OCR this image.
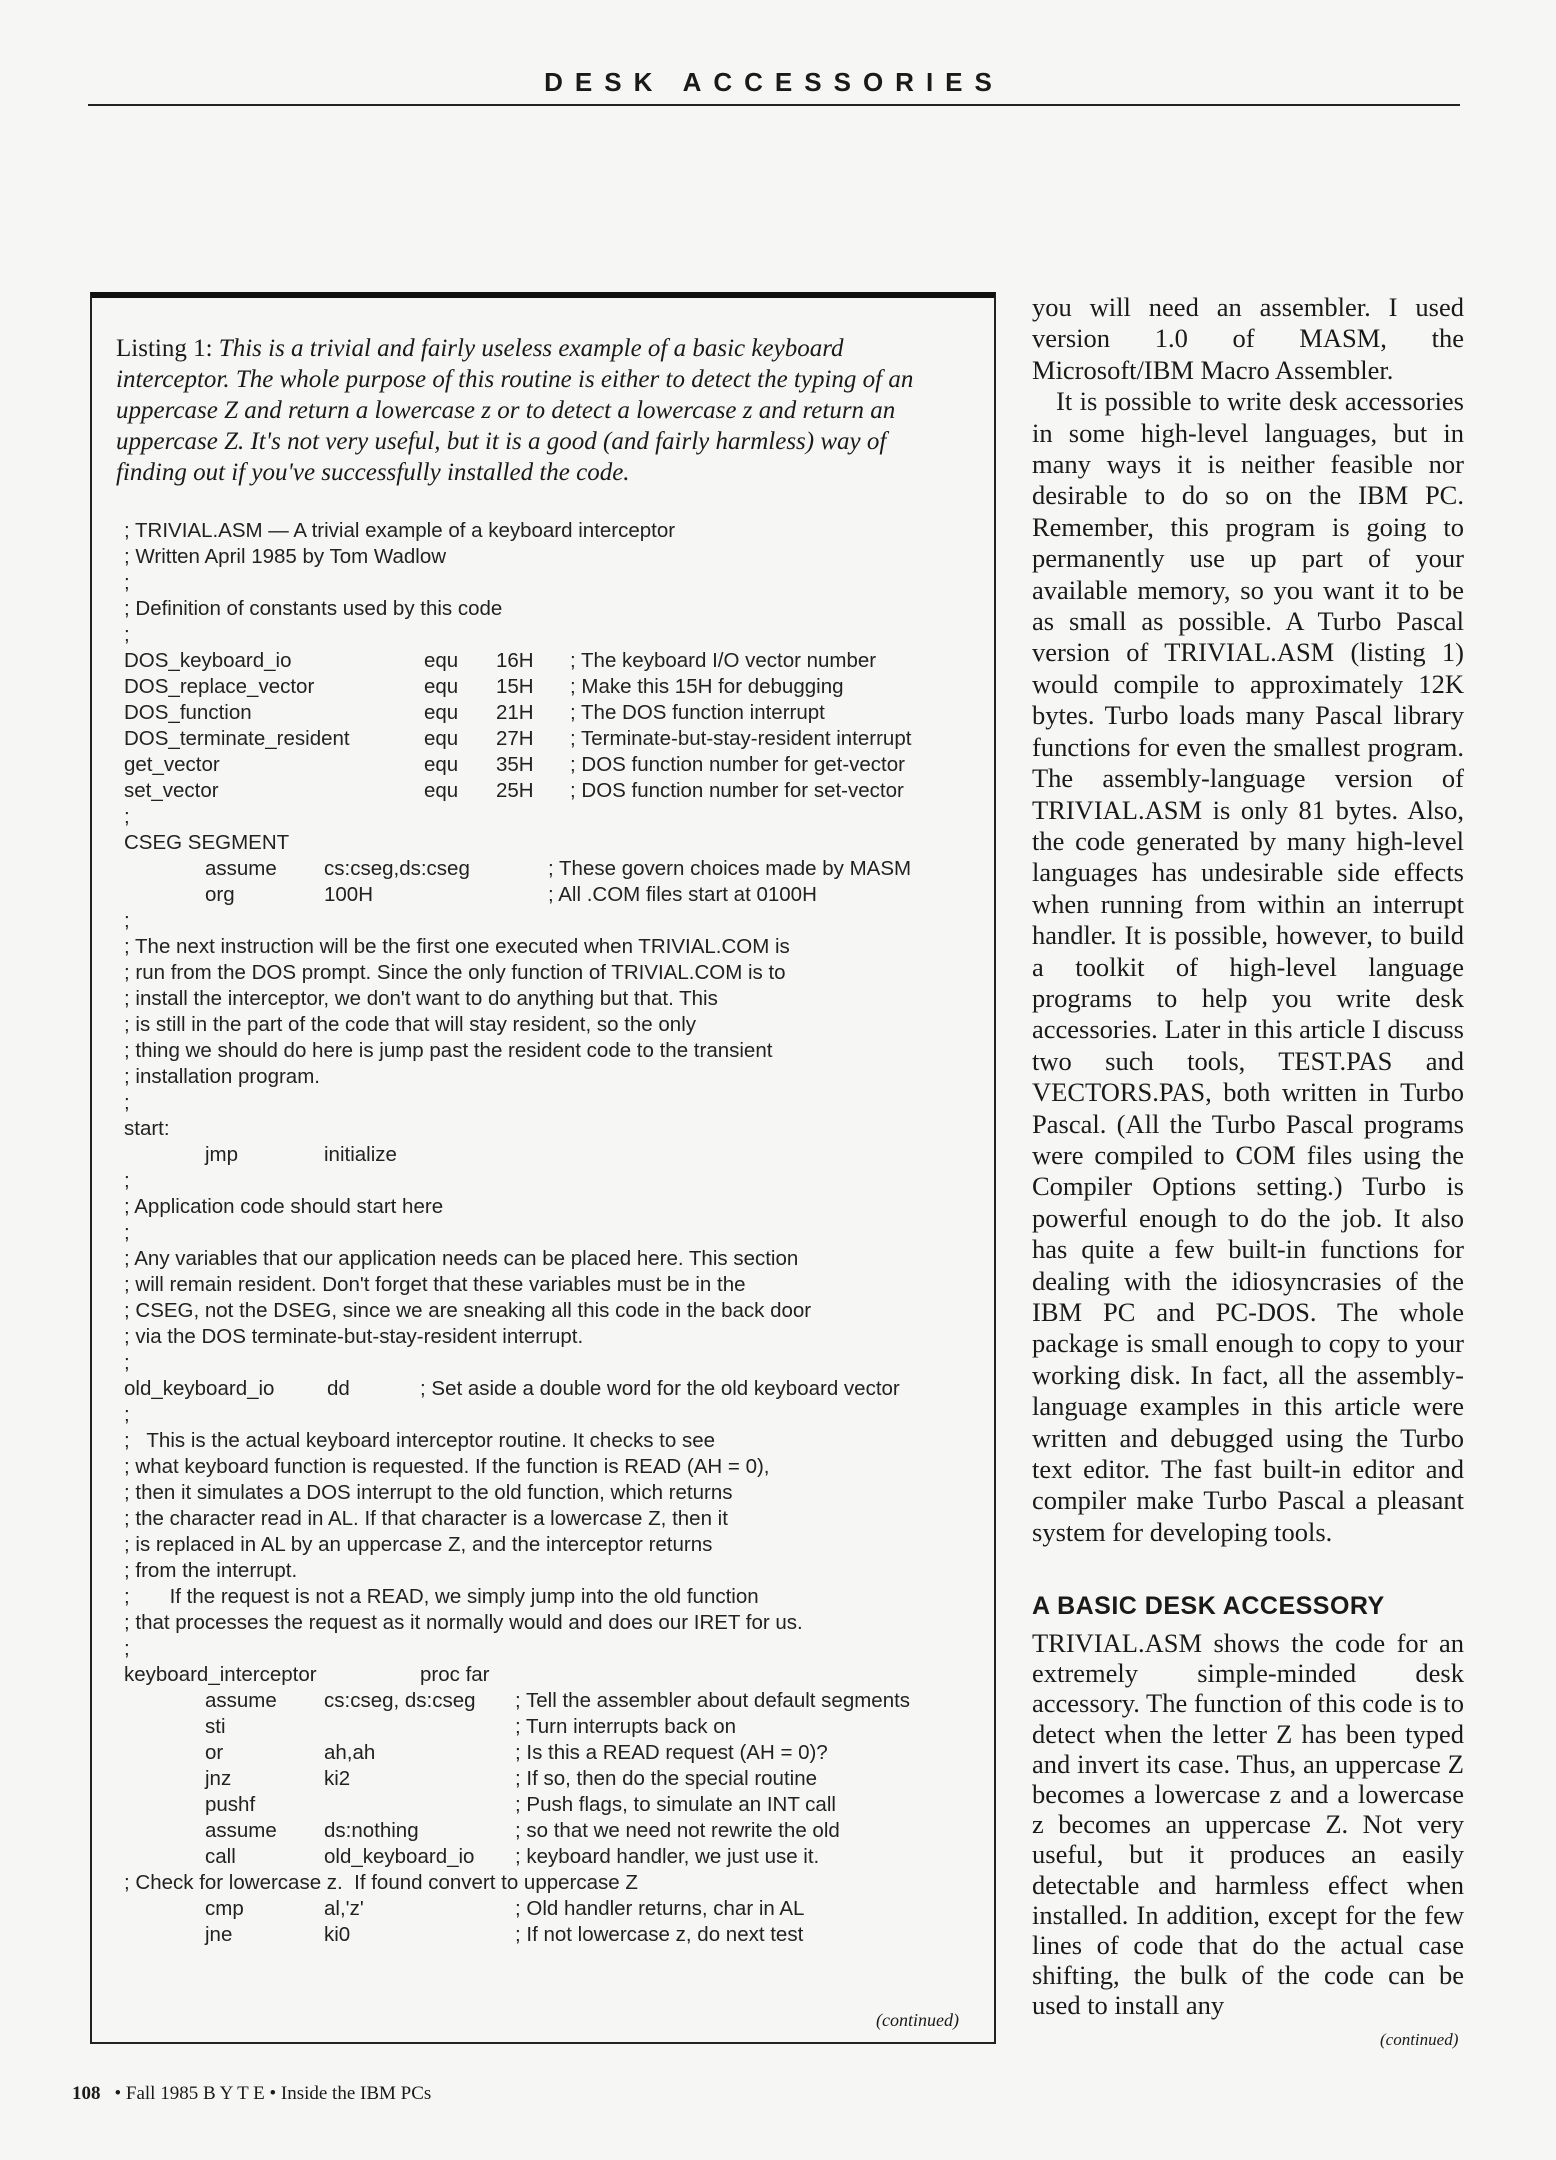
DESK ACCESSORIES
Listing 1: This is a trivial and fairly useless example of a basic keyboard interceptor. The whole purpose of this routine is either to detect the typing of an uppercase Z and return a lowercase z or to detect a lowercase z and return an uppercase Z. It's not very useful, but it is a good (and fairly harmless) way of finding out if you've successfully installed the code.
; TRIVIAL.ASM — A trivial example of a keyboard interceptor
; Written April 1985 by Tom Wadlow
;
; Definition of constants used by this code
;
DOS_keyboard_io	equ 16H ; The keyboard I/O vector number
DOS_replace_vector	equ 15H ; Make this 15H for debugging
DOS_function	equ 21H ; The DOS function interrupt
DOS_terminate_resident	equ 27H ; Terminate-but-stay-resident interrupt
get_vector	equ 35H ; DOS function number for get-vector
set_vector	equ 25H ; DOS function number for set-vector
;
CSEG SEGMENT
assume cs:cseg,ds:cseg	; These govern choices made by MASM
org	100H	; All .COM files start at 0100H
;
; The next instruction will be the first one executed when TRIVIAL.COM is
; run from the DOS prompt. Since the only function of TRIVIAL.COM is to
; install the interceptor, we don't want to do anything but that. This
; is still in the part of the code that will stay resident, so the only
; thing we should do here is jump past the resident code to the transient
; installation program.
;
start:
jmp	initialize
;
; Application code should start here
;
; Any variables that our application needs can be placed here. This section
; will remain resident. Don't forget that these variables must be in the
; CSEG, not the DSEG, since we are sneaking all this code in the back door
; via the DOS terminate-but-stay-resident interrupt.
;
old_keyboard_io	dd	; Set aside a double word for the old keyboard vector
;
;   This is the actual keyboard interceptor routine. It checks to see
; what keyboard function is requested. If the function is READ (AH = 0),
; then it simulates a DOS interrupt to the old function, which returns
; the character read in AL. If that character is a lowercase Z, then it
; is replaced in AL by an uppercase Z, and the interceptor returns
; from the interrupt.
;       If the request is not a READ, we simply jump into the old function
; that processes the request as it normally would and does our IRET for us.
;
keyboard_interceptor	proc far
assume cs:cseg, ds:cseg ; Tell the assembler about default segments
sti	; Turn interrupts back on
or	ah,ah	; Is this a READ request (AH = 0)?
jnz	ki2	; If so, then do the special routine
pushf	; Push flags, to simulate an INT call
assume ds:nothing	; so that we need not rewrite the old
call	old_keyboard_io ; keyboard handler, we just use it.
; Check for lowercase z.  If found convert to uppercase Z
cmp	al,'z'	; Old handler returns, char in AL
jne	ki0	; If not lowercase z, do next test
(continued)

you will need an assembler. I used version 1.0 of MASM, the Microsoft/IBM Macro Assembler.

It is possible to write desk accessories in some high-level languages, but in many ways it is neither feasible nor desirable to do so on the IBM PC. Remember, this program is going to permanently use up part of your available memory, so you want it to be as small as possible. A Turbo Pascal version of TRIVIAL.ASM (listing 1) would compile to approximately 12K bytes. Turbo loads many Pascal library functions for even the smallest program. The assembly-language version of TRIVIAL.ASM is only 81 bytes. Also, the code generated by many high-level languages has undesirable side effects when running from within an interrupt handler. It is possible, however, to build a toolkit of high-level language programs to help you write desk accessories. Later in this article I discuss two such tools, TEST.PAS and VECTORS.PAS, both written in Turbo Pascal. (All the Turbo Pascal programs were compiled to COM files using the Compiler Options setting.) Turbo is powerful enough to do the job. It also has quite a few built-in functions for dealing with the idiosyncrasies of the IBM PC and PC-DOS. The whole package is small enough to copy to your working disk. In fact, all the assembly-language examples in this article were written and debugged using the Turbo text editor. The fast built-in editor and compiler make Turbo Pascal a pleasant system for developing tools.

A BASIC DESK ACCESSORY
TRIVIAL.ASM shows the code for an extremely simple-minded desk accessory. The function of this code is to detect when the letter Z has been typed and invert its case. Thus, an uppercase Z becomes a lowercase z and a lowercase z becomes an uppercase Z. Not very useful, but it produces an easily detectable and harmless effect when installed. In addition, except for the few lines of code that do the actual case shifting, the bulk of the code can be used to install any
(continued)
108 • Fall 1985 B Y T E • Inside the IBM PCs
